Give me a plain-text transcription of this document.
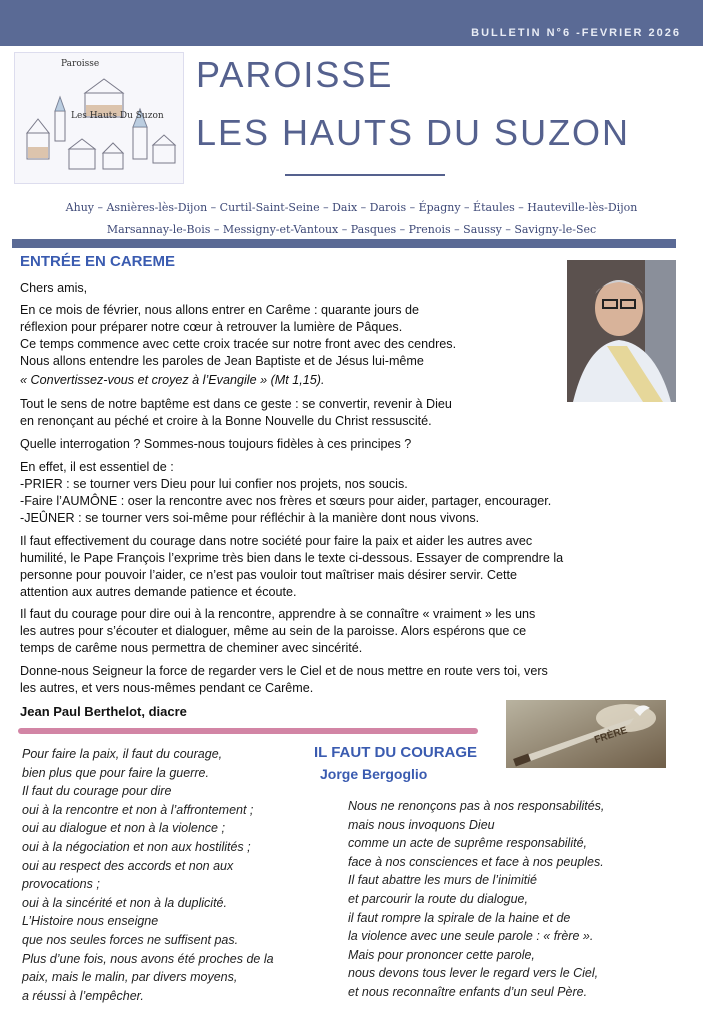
BULLETIN N°6 -FEVRIER 2026
Paroisse
Les Hauts Du Suzon
PAROISSE
LES HAUTS DU SUZON
Ahuy – Asnières-lès-Dijon – Curtil-Saint-Seine – Daix – Darois – Épagny – Étaules – Hauteville-lès-Dijon
Marsannay-le-Bois – Messigny-et-Vantoux – Pasques – Prenois – Saussy – Savigny-le-Sec
ENTRÉE EN CAREME
Chers amis,
En ce mois de février, nous allons entrer en Carême : quarante jours de
réflexion pour préparer notre cœur à retrouver la lumière de Pâques.
Ce temps commence avec cette croix tracée sur notre front avec des cendres.
Nous allons entendre les paroles de Jean Baptiste et de Jésus lui-même
« Convertissez-vous et croyez à l’Evangile » (Mt 1,15).
Tout le sens de notre baptême est dans ce geste : se convertir, revenir à Dieu
en renonçant au péché et croire à la Bonne Nouvelle du Christ ressuscité.
Quelle interrogation ? Sommes-nous toujours fidèles à ces principes ?
En effet, il est essentiel de :
-PRIER : se tourner vers Dieu pour lui confier nos projets, nos soucis.
-Faire l’AUMÔNE : oser la rencontre avec nos frères et sœurs pour aider, partager, encourager.
-JEÛNER : se tourner vers soi-même pour réfléchir à la manière dont nous vivons.
Il faut effectivement du courage dans notre société pour faire la paix et aider les autres avec
humilité, le Pape François l’exprime très bien dans le texte ci-dessous. Essayer de comprendre la
personne pour pouvoir l’aider, ce n’est pas vouloir tout maîtriser mais désirer servir. Cette
attention aux autres demande patience et écoute.
Il faut du courage pour dire oui à la rencontre, apprendre à se connaître « vraiment » les uns
les autres pour s’écouter et dialoguer, même au sein de la paroisse. Alors espérons que ce
temps de carême nous permettra de cheminer avec sincérité.
Donne-nous Seigneur la force de regarder vers le Ciel et de nous mettre en route vers toi, vers
les autres, et vers nous-mêmes pendant ce Carême.
Jean Paul Berthelot, diacre
FRÈRE
IL FAUT DU COURAGE
Jorge Bergoglio
Pour faire la paix, il faut du courage,
bien plus que pour faire la guerre.
Il faut du courage pour dire
oui à la rencontre et non à l’affrontement ;
oui au dialogue et non à la violence ;
oui à la négociation et non aux hostilités ;
oui au respect des accords et non aux
provocations ;
oui à la sincérité et non à la duplicité.
L’Histoire nous enseigne
que nos seules forces ne suffisent pas.
Plus d’une fois, nous avons été proches de la
paix, mais le malin, par divers moyens,
a réussi à l’empêcher.
Nous ne renonçons pas à nos responsabilités,
mais nous invoquons Dieu
comme un acte de suprême responsabilité,
face à nos consciences et face à nos peuples.
Il faut abattre les murs de l’inimitié
et parcourir la route du dialogue,
il faut rompre la spirale de la haine et de
la violence avec une seule parole : « frère ».
Mais pour prononcer cette parole,
nous devons tous lever le regard vers le Ciel,
et nous reconnaître enfants d’un seul Père.
